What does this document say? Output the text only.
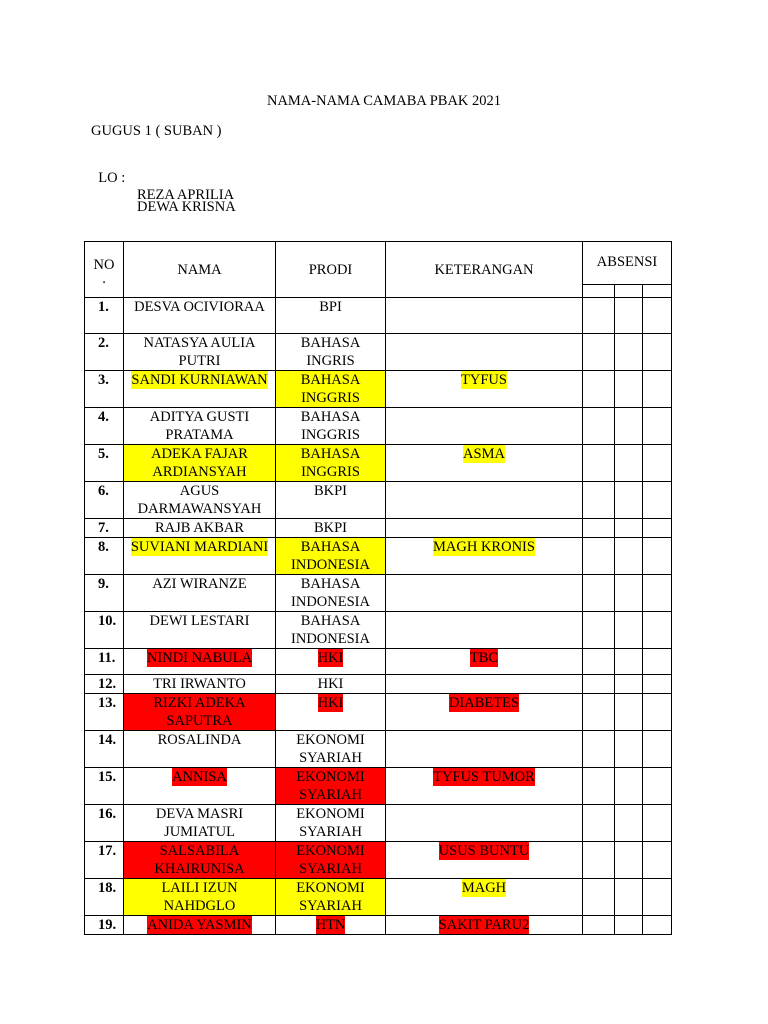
NAMA-NAMA CAMABA PBAK 2021
GUGUS 1 ( SUBAN )

LO :

REZA APRILIA

DEWA KRISNA

NO
.	NAMA	PRODI	KETERANGAN	ABSENSI		

1.	DESVA OCIVIORAA	BPI				
2.	NATASYA AULIA PUTRI	BAHASA INGRIS				
3.	SANDI KURNIAWAN	BAHASA INGGRIS	TYFUS			
4.	ADITYA GUSTI PRATAMA	BAHASA INGGRIS				
5.	ADEKA FAJAR ARDIANSYAH	BAHASA INGGRIS	ASMA			
6.	AGUS DARMAWANSYAH	BKPI				
7.	RAJB AKBAR	BKPI				
8.	SUVIANI MARDIANI	BAHASA INDONESIA	MAGH KRONIS			
9.	AZI WIRANZE	BAHASA INDONESIA				
10.	DEWI LESTARI	BAHASA INDONESIA				
11.	NINDI NABULA	HKI	TBC			
12.	TRI IRWANTO	HKI				
13.	RIZKI ADEKA SAPUTRA	HKI	DIABETES			
14.	ROSALINDA	EKONOMI SYARIAH				
15.	ANNISA	EKONOMI SYARIAH	TYFUS TUMOR			
16.	DEVA MASRI JUMIATUL	EKONOMI SYARIAH				
17.	SALSABILA KHAIRUNISA	EKONOMI SYARIAH	USUS BUNTU			
18.	LAILI IZUN NAHDGLO	EKONOMI SYARIAH	MAGH			
19.	ANIDA YASMIN	HTN	SAKIT PARU2			
